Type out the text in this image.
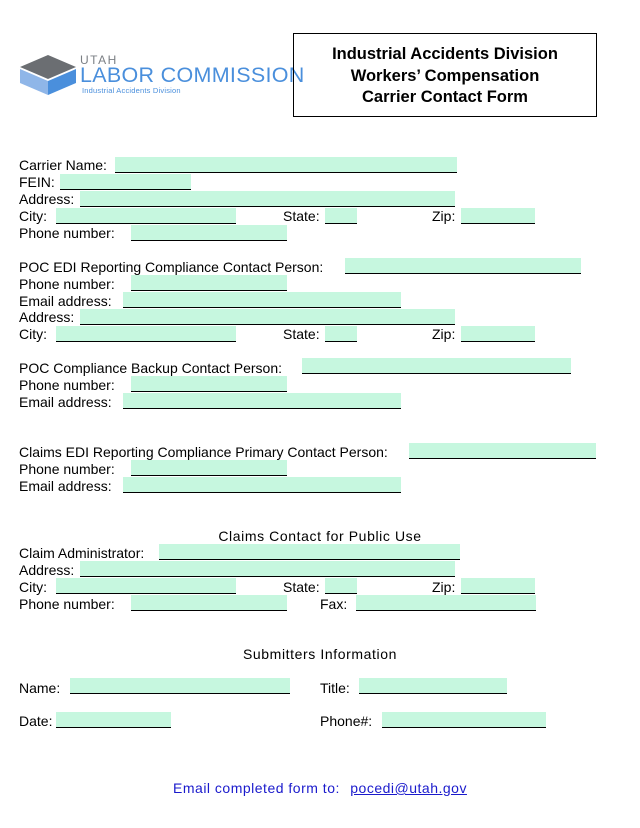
UTAH
LABOR COMMISSION
Industrial Accidents Division
Industrial Accidents Division
Workers’ Compensation
Carrier Contact Form
Carrier Name:
FEIN:
Address:
City:	State:	Zip:
Phone number:
POC EDI Reporting Compliance Contact Person:
Phone number:
Email address:
Address:
City:	State:	Zip:
POC Compliance Backup Contact Person:
Phone number:
Email address:
Claims EDI Reporting Compliance Primary Contact Person:
Phone number:
Email address:
Claims Contact for Public Use
Claim Administrator:
Address:
City:	State:	Zip:
Phone number:	Fax:
Submitters Information
Name:	Title:
Date:	Phone#:
Email completed form to: pocedi@utah.gov
